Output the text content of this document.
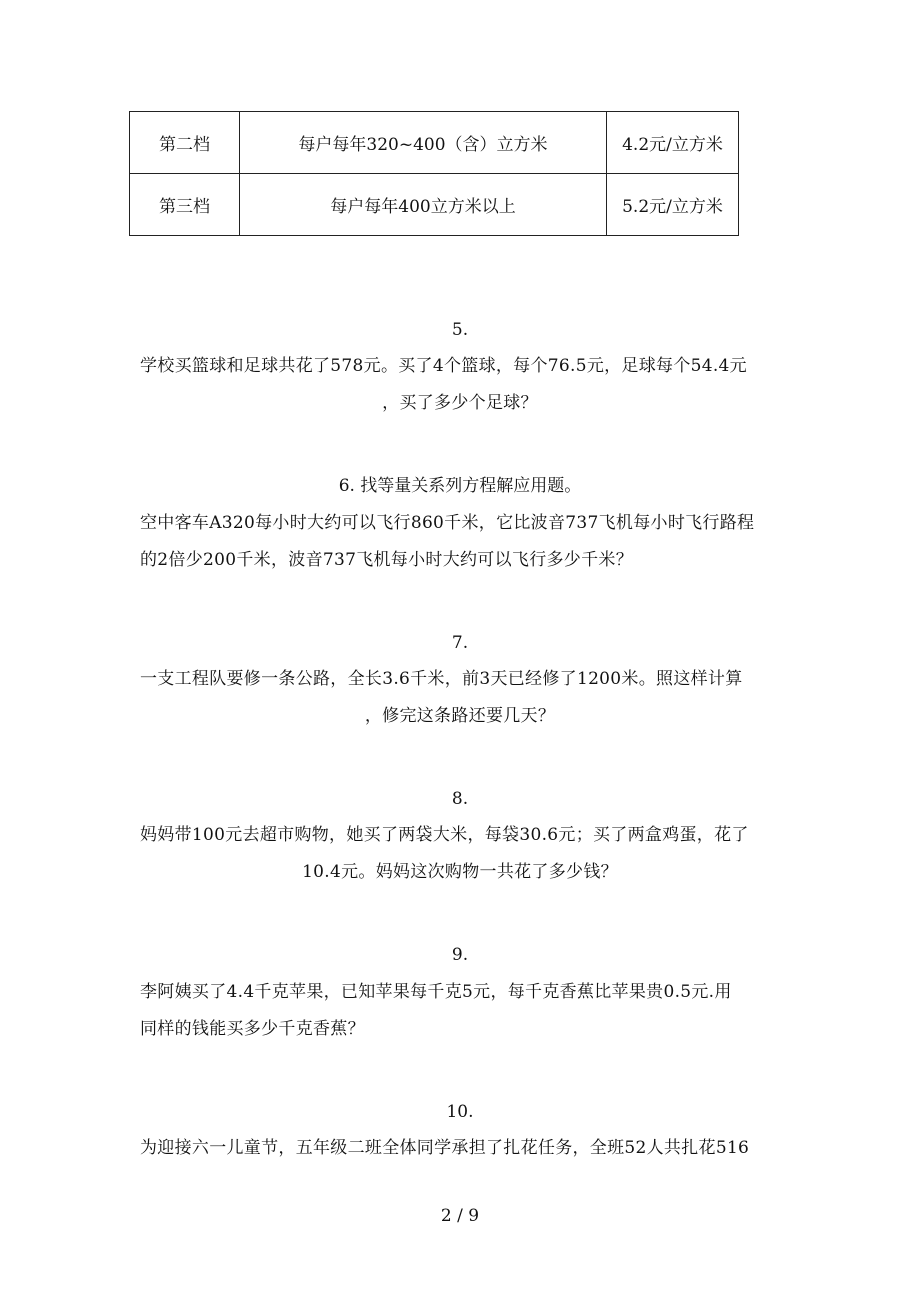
第二档	每户每年320~400（含）立方米	4.2元/立方米
第三档	每户每年400立方米以上	5.2元/立方米
5.
学校买篮球和足球共花了578元。买了4个篮球，每个76.5元，足球每个54.4元
，买了多少个足球？
6. 找等量关系列方程解应用题。
空中客车A320每小时大约可以飞行860千米，它比波音737飞机每小时飞行路程
的2倍少200千米，波音737飞机每小时大约可以飞行多少千米？
7.
一支工程队要修一条公路，全长3.6千米，前3天已经修了1200米。照这样计算
，修完这条路还要几天？
8.
妈妈带100元去超市购物，她买了两袋大米，每袋30.6元；买了两盒鸡蛋，花了
10.4元。妈妈这次购物一共花了多少钱？
9.
李阿姨买了4.4千克苹果，已知苹果每千克5元，每千克香蕉比苹果贵0.5元.用
同样的钱能买多少千克香蕉？
10.
为迎接六一儿童节，五年级二班全体同学承担了扎花任务，全班52人共扎花516
2 / 9
